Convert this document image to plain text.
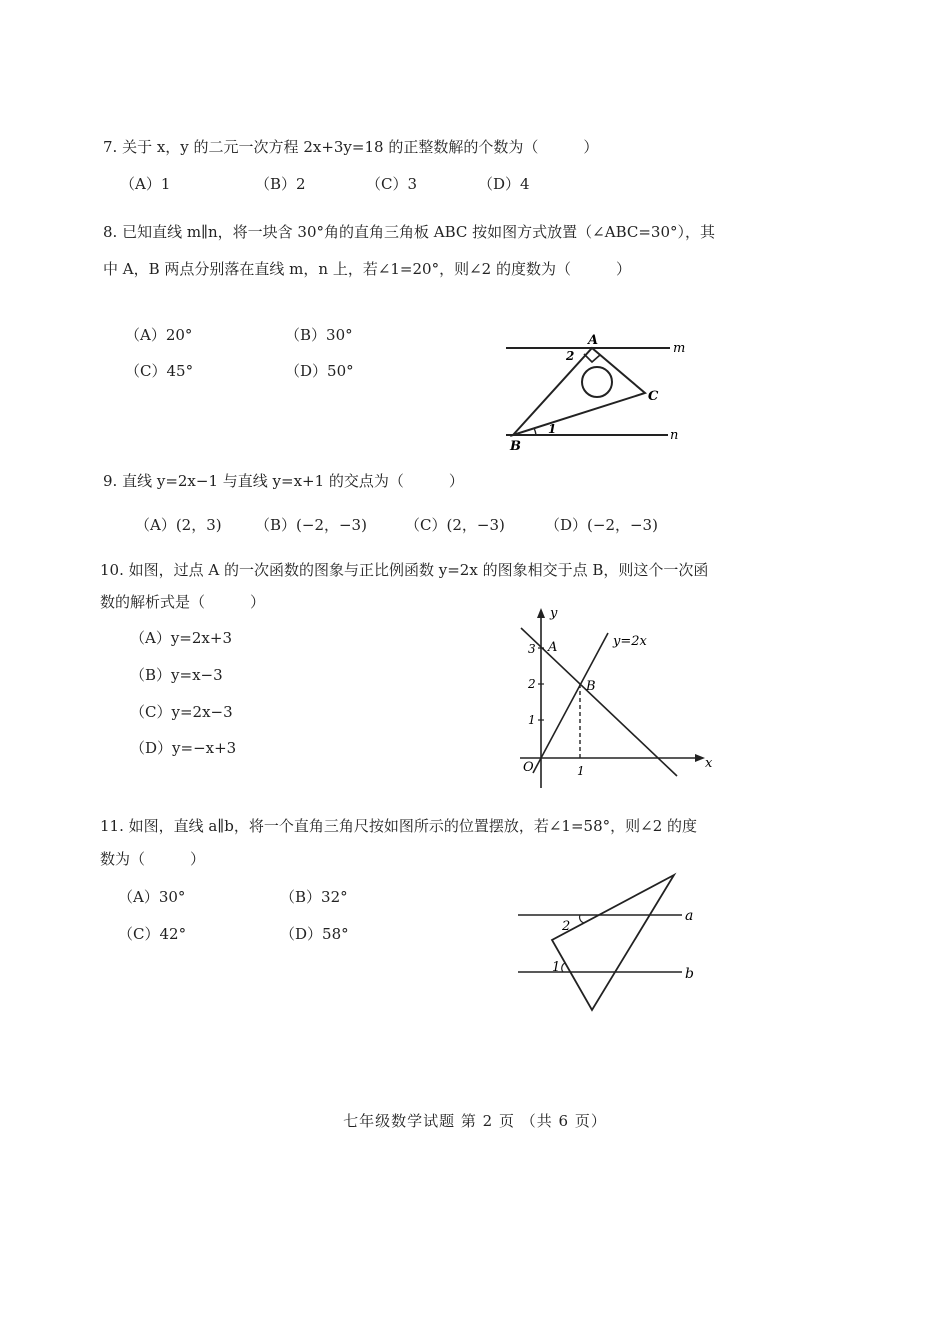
7. 关于 x，y 的二元一次方程 2x+3y=18 的正整数解的个数为（　　　）
（A）1	（B）2	（C）3	（D）4
8. 已知直线 m∥n，将一块含 30°角的直角三角板 ABC 按如图方式放置（∠ABC=30°），其
中 A，B 两点分别落在直线 m，n 上，若∠1=20°，则∠2 的度数为（　　　）
（A）20°	（B）30°
（C）45°	（D）50°
A
m
n
C
B
1
2
9. 直线 y=2x−1 与直线 y=x+1 的交点为（　　　）
（A）(2，3) （B）(−2，−3)	（C）(2，−3)	（D）(−2，−3)
10. 如图，过点 A 的一次函数的图象与正比例函数 y=2x 的图象相交于点 B，则这个一次函
数的解析式是（　　　）
（A）y=2x+3
（B）y=x−3
（C）y=2x−3
（D）y=−x+3
y
x
O
A
B
y=2x
1
2
3
1
11. 如图，直线 a∥b，将一个直角三角尺按如图所示的位置摆放，若∠1=58°，则∠2 的度
数为（　　　）
（A）30°	（B）32°
（C）42°	（D）58°
a
b
1
2
七年级数学试题 第 2 页 （共 6 页）
